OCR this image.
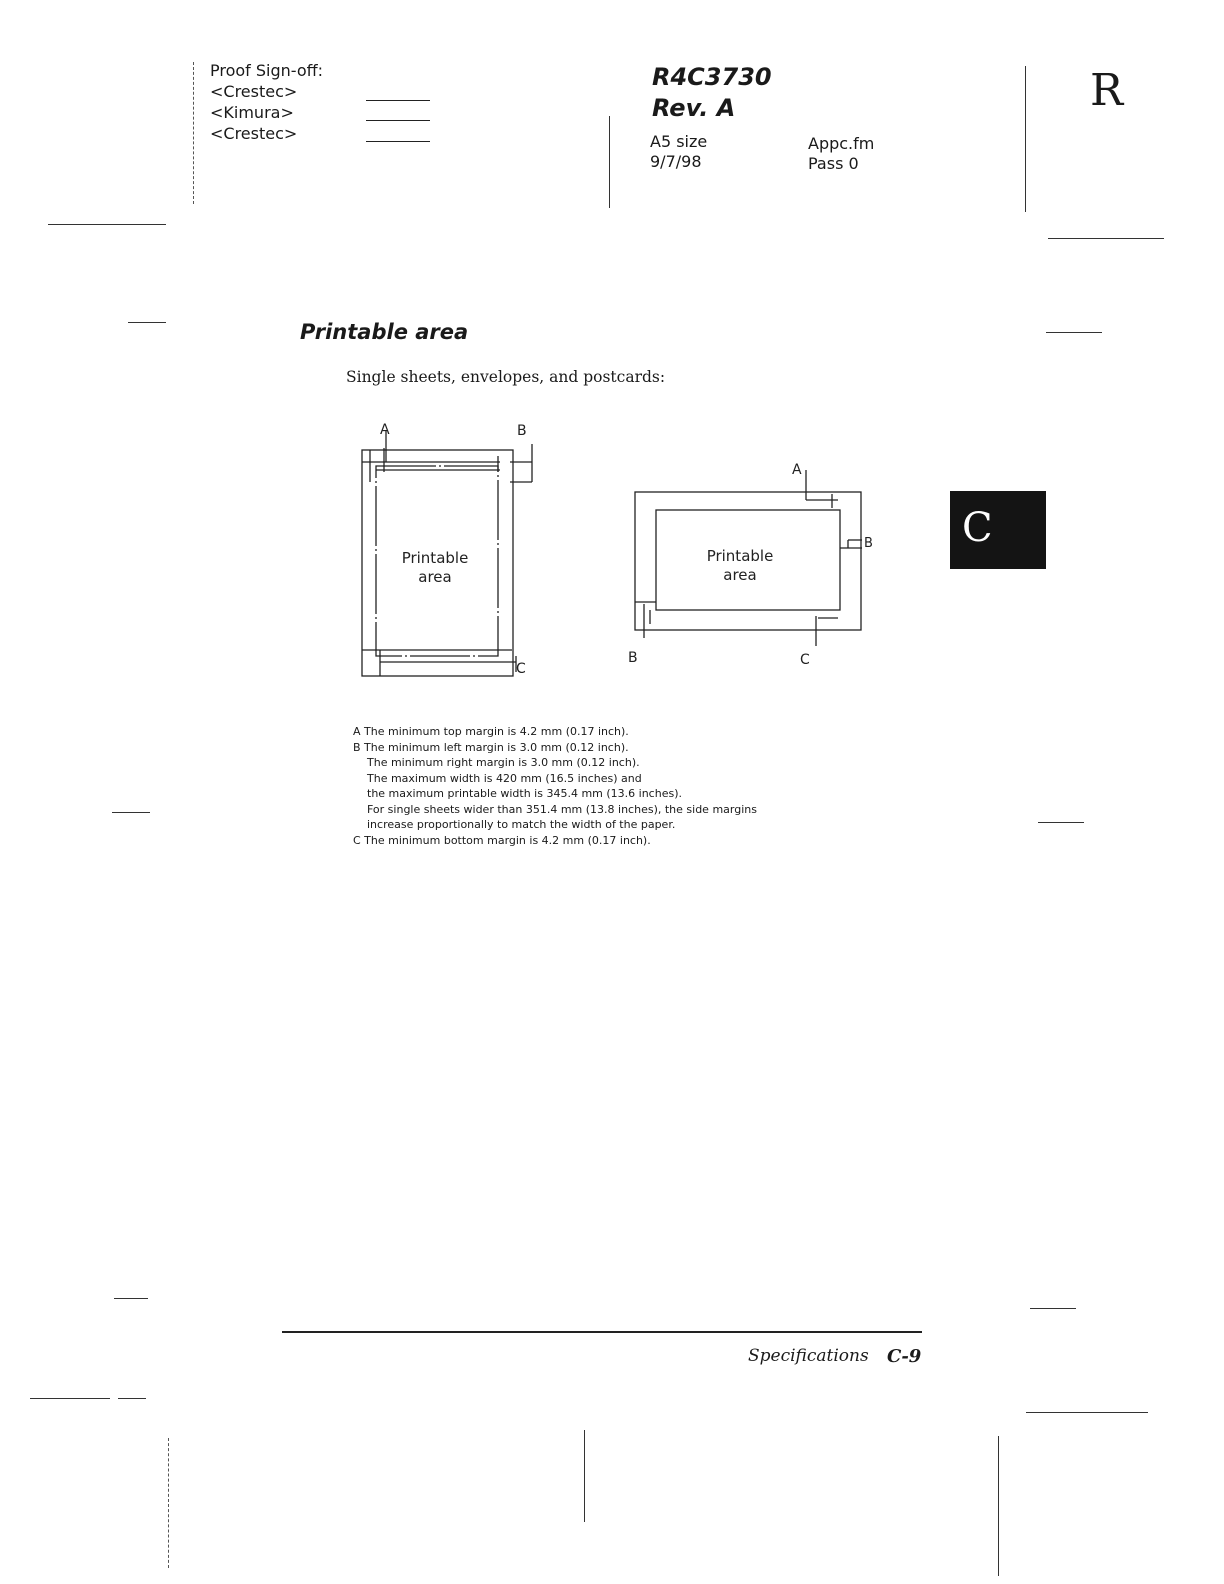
Proof Sign-off:
<Crestec>
<Kimura>
<Crestec>
R4C3730
Rev. A
A5 size
9/7/98
Appc.fm
Pass 0
R
C
Printable area
Single sheets, envelopes, and postcards:
A	B
C
Printable
area
A
B
B	C
Printable
area
A The minimum top margin is 4.2 mm (0.17 inch).
B The minimum left margin is 3.0 mm (0.12 inch).
The minimum right margin is 3.0 mm (0.12 inch).
The maximum width is 420 mm (16.5 inches) and
the maximum printable width is 345.4 mm (13.6 inches).
For single sheets wider than 351.4 mm (13.8 inches), the side margins
increase proportionally to match the width of the paper.
C The minimum bottom margin is 4.2 mm (0.17 inch).
Specifications C-9
